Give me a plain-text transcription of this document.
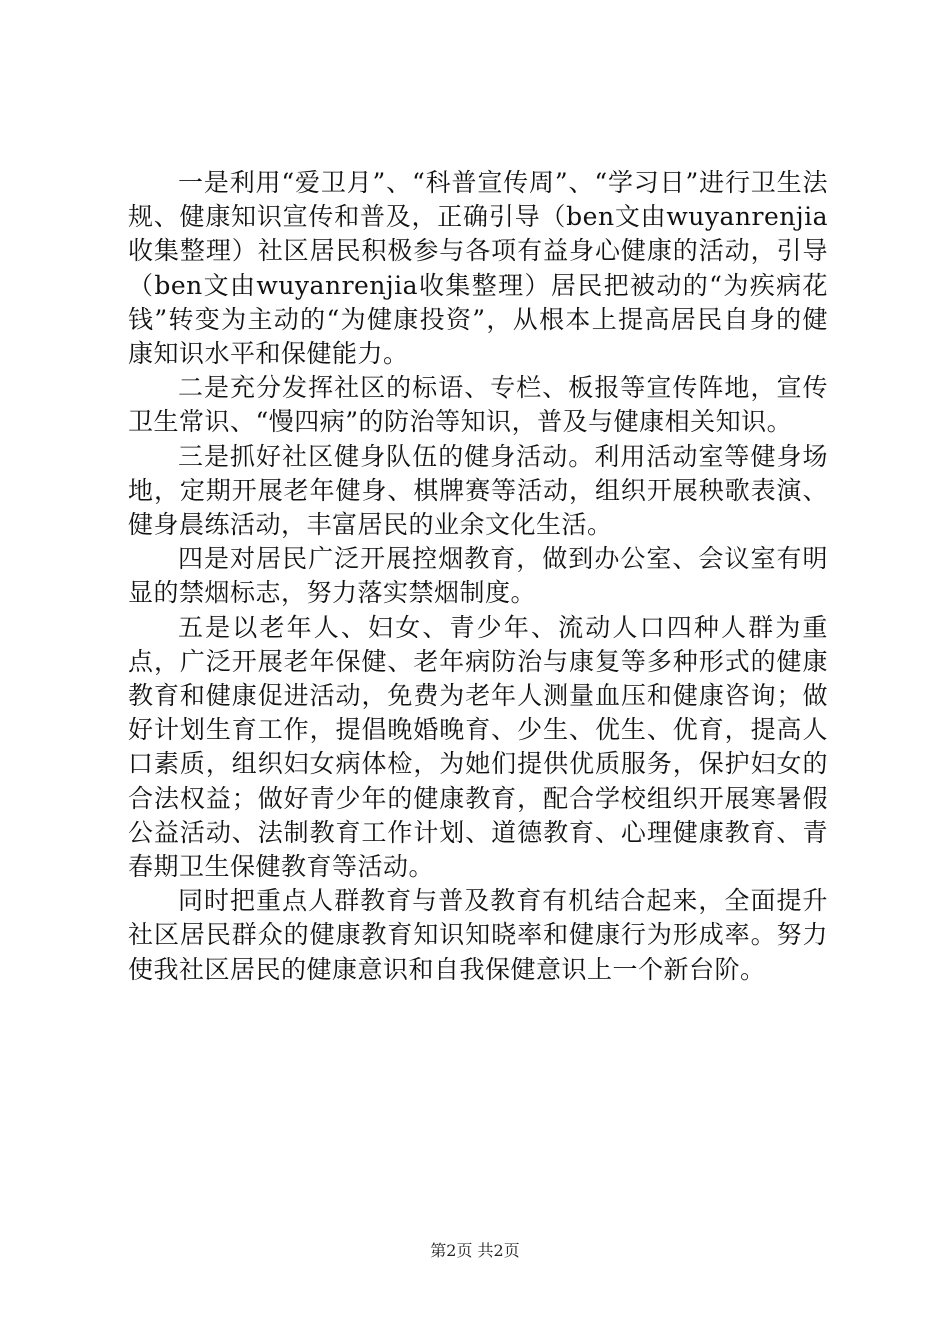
一是利用“爱卫月”、“科普宣传周”、“学习日”进行卫生法规、健康知识宣传和普及，正确引导（ben文由wuyanrenjia收集整理）社区居民积极参与各项有益身心健康的活动，引导（ben文由wuyanrenjia收集整理）居民把被动的“为疾病花钱”转变为主动的“为健康投资”，从根本上提高居民自身的健康知识水平和保健能力。

二是充分发挥社区的标语、专栏、板报等宣传阵地，宣传卫生常识、“慢四病”的防治等知识，普及与健康相关知识。

三是抓好社区健身队伍的健身活动。利用活动室等健身场地，定期开展老年健身、棋牌赛等活动，组织开展秧歌表演、健身晨练活动，丰富居民的业余文化生活。

四是对居民广泛开展控烟教育，做到办公室、会议室有明显的禁烟标志，努力落实禁烟制度。

五是以老年人、妇女、青少年、流动人口四种人群为重点，广泛开展老年保健、老年病防治与康复等多种形式的健康教育和健康促进活动，免费为老年人测量血压和健康咨询；做好计划生育工作，提倡晚婚晚育、少生、优生、优育，提高人口素质，组织妇女病体检，为她们提供优质服务，保护妇女的合法权益；做好青少年的健康教育，配合学校组织开展寒暑假公益活动、法制教育工作计划、道德教育、心理健康教育、青春期卫生保健教育等活动。

同时把重点人群教育与普及教育有机结合起来，全面提升社区居民群众的健康教育知识知晓率和健康行为形成率。努力使我社区居民的健康意识和自我保健意识上一个新台阶。

第2页 共2页
